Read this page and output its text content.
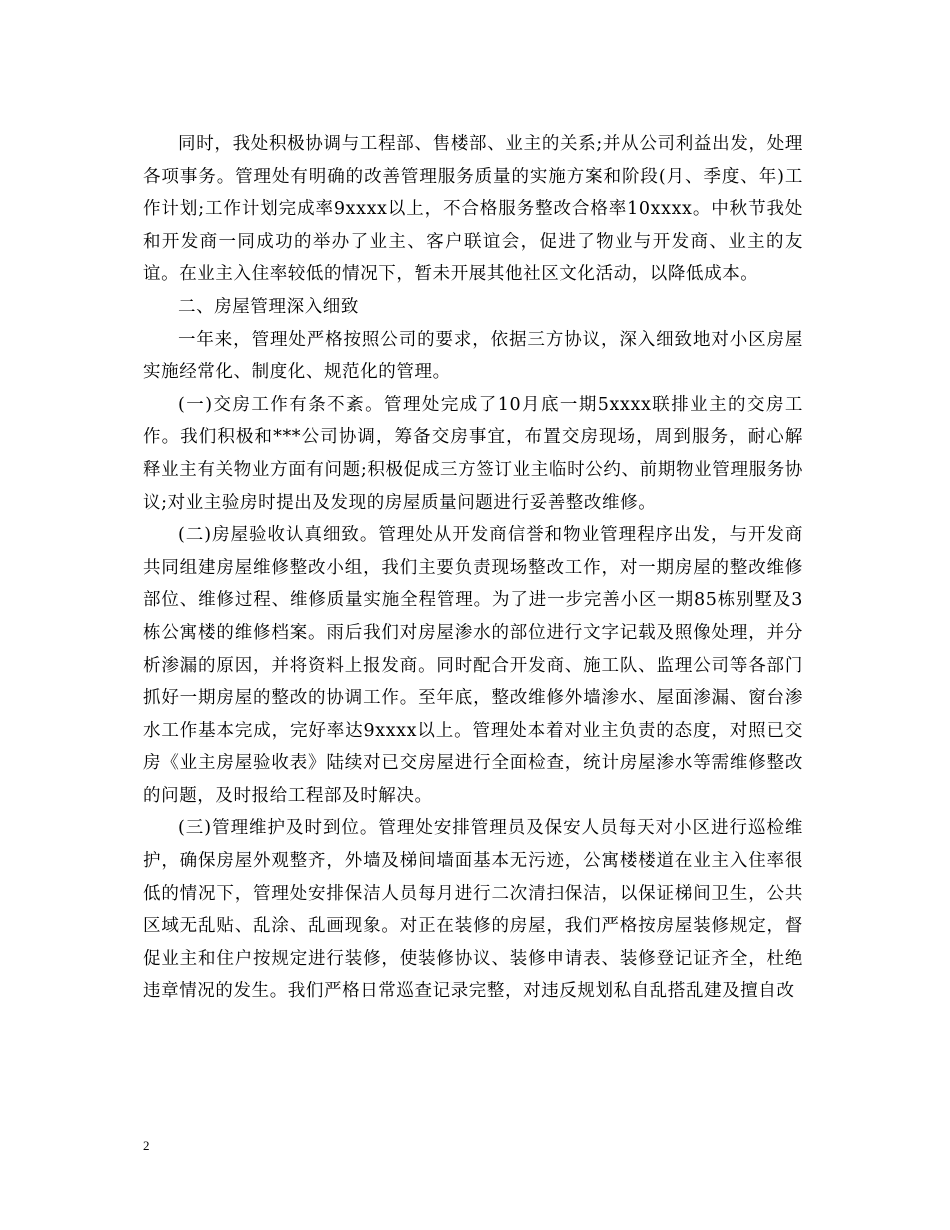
同时，我处积极协调与工程部、售楼部、业主的关系;并从公司利益出发，处理各项事务。管理处有明确的改善管理服务质量的实施方案和阶段(月、季度、年)工作计划;工作计划完成率9xxxx以上，不合格服务整改合格率10xxxx。中秋节我处和开发商一同成功的举办了业主、客户联谊会，促进了物业与开发商、业主的友谊。在业主入住率较低的情况下，暂未开展其他社区文化活动，以降低成本。

二、房屋管理深入细致

一年来，管理处严格按照公司的要求，依据三方协议，深入细致地对小区房屋实施经常化、制度化、规范化的管理。

(一)交房工作有条不紊。管理处完成了10月底一期5xxxx联排业主的交房工作。我们积极和***公司协调，筹备交房事宜，布置交房现场，周到服务，耐心解释业主有关物业方面有问题;积极促成三方签订业主临时公约、前期物业管理服务协议;对业主验房时提出及发现的房屋质量问题进行妥善整改维修。

(二)房屋验收认真细致。管理处从开发商信誉和物业管理程序出发，与开发商共同组建房屋维修整改小组，我们主要负责现场整改工作，对一期房屋的整改维修部位、维修过程、维修质量实施全程管理。为了进一步完善小区一期85栋别墅及3栋公寓楼的维修档案。雨后我们对房屋渗水的部位进行文字记载及照像处理，并分析渗漏的原因，并将资料上报发商。同时配合开发商、施工队、监理公司等各部门抓好一期房屋的整改的协调工作。至年底，整改维修外墙渗水、屋面渗漏、窗台渗水工作基本完成，完好率达9xxxx以上。管理处本着对业主负责的态度，对照已交房《业主房屋验收表》陆续对已交房屋进行全面检查，统计房屋渗水等需维修整改的问题，及时报给工程部及时解决。

(三)管理维护及时到位。管理处安排管理员及保安人员每天对小区进行巡检维护，确保房屋外观整齐，外墙及梯间墙面基本无污迹，公寓楼楼道在业主入住率很低的情况下，管理处安排保洁人员每月进行二次清扫保洁，以保证梯间卫生，公共区域无乱贴、乱涂、乱画现象。对正在装修的房屋，我们严格按房屋装修规定，督促业主和住户按规定进行装修，使装修协议、装修申请表、装修登记证齐全，杜绝违章情况的发生。我们严格日常巡查记录完整，对违反规划私自乱搭乱建及擅自改

2
